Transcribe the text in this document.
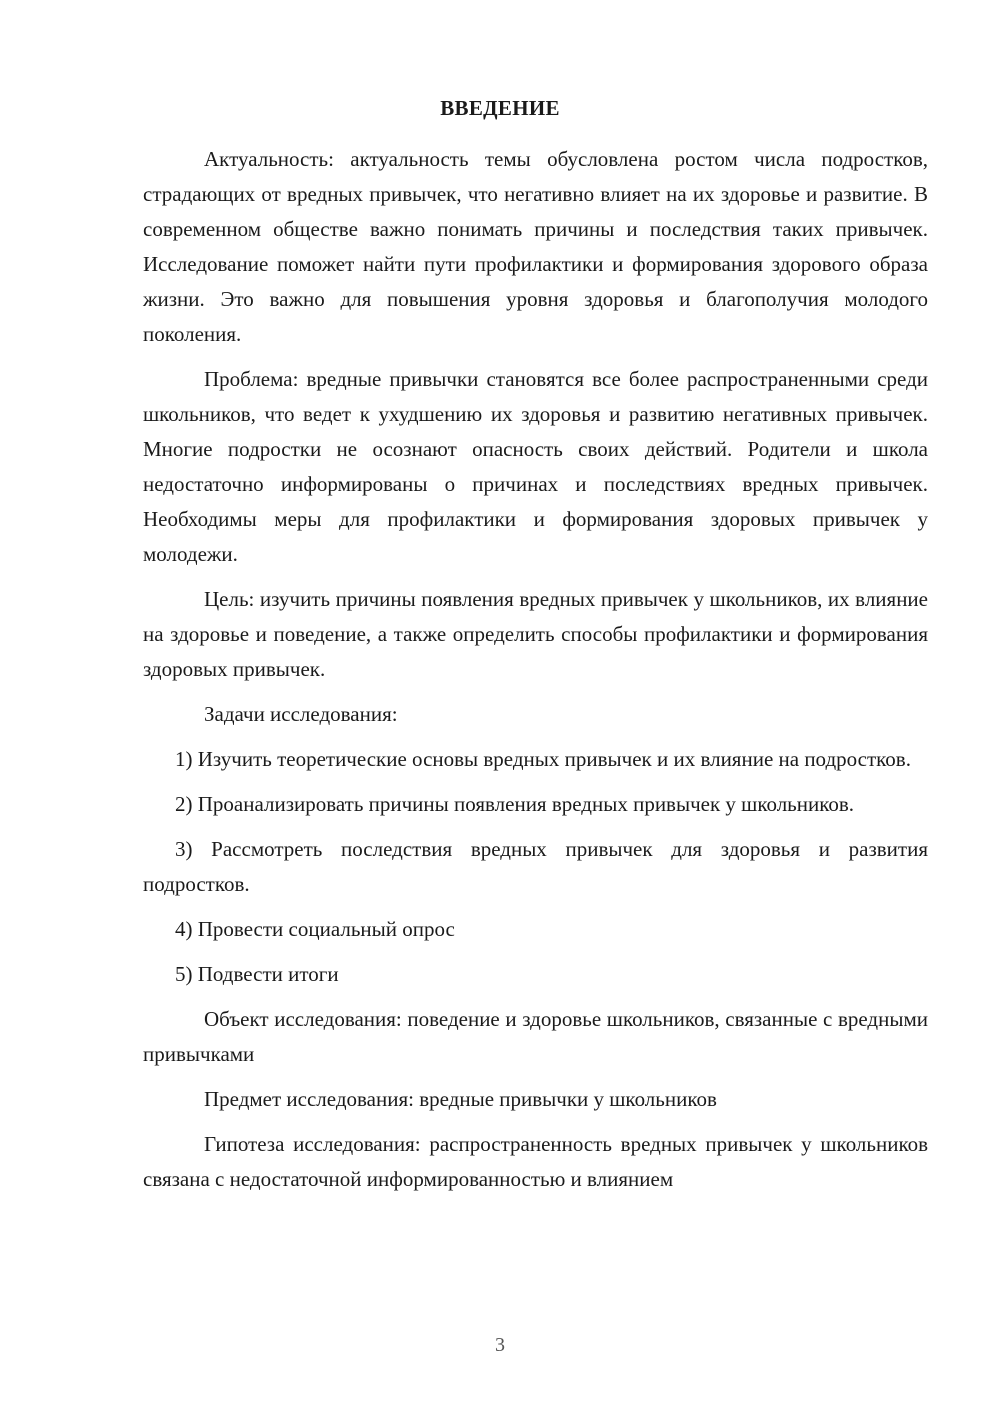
ВВЕДЕНИЕ

Актуальность: актуальность темы обусловлена ростом числа подростков, страдающих от вредных привычек, что негативно влияет на их здоровье и развитие. В современном обществе важно понимать причины и последствия таких привычек. Исследование поможет найти пути профилактики и формирования здорового образа жизни. Это важно для повышения уровня здоровья и благополучия молодого поколения.

Проблема: вредные привычки становятся все более распространенными среди школьников, что ведет к ухудшению их здоровья и развитию негативных привычек. Многие подростки не осознают опасность своих действий. Родители и школа недостаточно информированы о причинах и последствиях вредных привычек. Необходимы меры для профилактики и формирования здоровых привычек у молодежи.

Цель: изучить причины появления вредных привычек у школьников, их влияние на здоровье и поведение, а также определить способы профилактики и формирования здоровых привычек.

Задачи исследования:

1) Изучить теоретические основы вредных привычек и их влияние на подростков.

2) Проанализировать причины появления вредных привычек у школьников.

3) Рассмотреть последствия вредных привычек для здоровья и развития подростков.

4) Провести социальный опрос

5) Подвести итоги

Объект исследования: поведение и здоровье школьников, связанные с вредными привычками

Предмет исследования: вредные привычки у школьников

Гипотеза исследования: распространенность вредных привычек у школьников связана с недостаточной информированностью и влиянием

3
